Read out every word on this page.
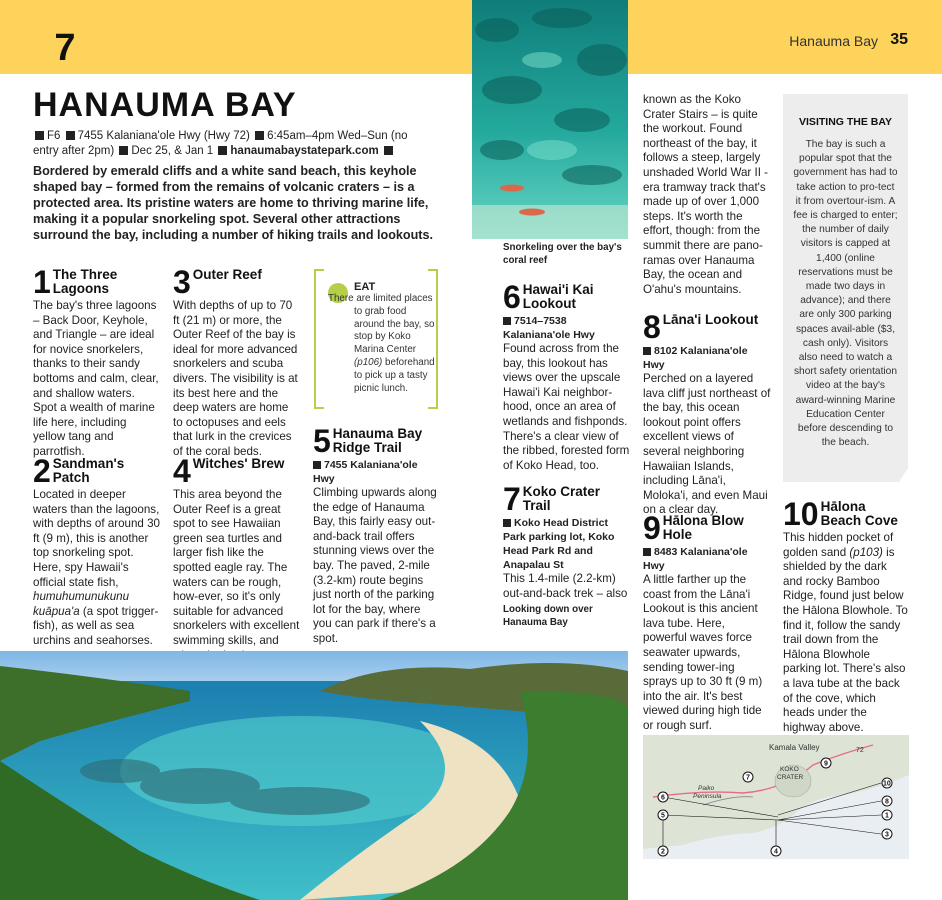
7	Hanauma Bay 35
HANAUMA BAY
F6 7455 Kalaniana'ole Hwy (Hwy 72) 6:45am–4pm Wed–Sun (no entry after 2pm) Dec 25, & Jan 1 hanaumabaystatepark.com

Bordered by emerald cliffs and a white sand beach, this keyhole shaped bay – formed from the remains of volcanic craters – is a protected area. Its pristine waters are home to thriving marine life, making it a popular snorkeling spot. Several other attractions surround the bay, including a number of hiking trails and lookouts.

1 The Three Lagoons

The bay's three lagoons – Back Door, Keyhole, and Triangle – are ideal for novice snorkelers, thanks to their sandy bottoms and calm, clear, and shallow waters. Spot a wealth of marine life here, including yellow tang and parrotfish.

2 Sandman's Patch

Located in deeper waters than the lagoons, with depths of around 30 ft (9 m), this is another top snorkeling spot. Here, spy Hawaii's official state fish, humuhumunukunu kuāpua'a (a spot trigger-fish), as well as sea urchins and seahorses.

3 Outer Reef

With depths of up to 70 ft (21 m) or more, the Outer Reef of the bay is ideal for more advanced snorkelers and scuba divers. The visibility is at its best here and the deep waters are home to octopuses and eels that lurk in the crevices of the coral beds.

4 Witches' Brew

This area beyond the Outer Reef is a great spot to see Hawaiian green sea turtles and larger fish like the spotted eagle ray. The waters can be rough, how-ever, so it's only suitable for advanced snorkelers with excellent swimming skills, and

EAT

There are limited places to grab food around the bay, so stop by Koko Marina Center (p106) beforehand to pick up a tasty picnic lunch.

5 Hanauma Bay Ridge Trail

7455 Kalaniana'ole Hwy

Climbing upwards along the edge of Hanauma Bay, this fairly easy out-and-back trail offers stunning views over the bay. The paved, 2-mile (3.2-km) route begins just north of the parking lot for the bay, where you can park if there's a spot.

Snorkeling over the bay's coral reef

6 Hawai'i Kai Lookout

7514–7538 Kalaniana'ole Hwy

Found across from the bay, this lookout has views over the upscale Hawai'i Kai neighbor-hood, once an area of wetlands and fishponds. There's a clear view of the ribbed, forested form of Koko Head, too.

7 Koko Crater Trail

Koko Head District Park parking lot, Koko Head Park Rd and Anapalau St

This 1.4-mile (2.2-km) out-and-back trek – also

Looking down over Hanauma Bay

known as the Koko Crater Stairs – is quite the workout. Found northeast of the bay, it follows a steep, largely unshaded World War II -era tramway track that's made up of over 1,000 steps. It's worth the effort, though: from the summit there are pano-ramas over Hanauma Bay, the ocean and O'ahu's mountains.

8 Lāna'i Lookout

8102 Kalaniana'ole Hwy

Perched on a layered lava cliff just northeast of the bay, this ocean lookout point offers excellent views of several neighboring Hawaiian Islands, including Lāna'i, Moloka'i, and even Maui on a clear day.

9 Hālona Blow Hole

8483 Kalaniana'ole Hwy

A little farther up the coast from the Lāna'i Lookout is this ancient lava tube. Here, powerful waves force seawater upwards, sending tower-ing sprays up to 30 ft (9 m) into the air. It's best viewed during high tide or rough surf.

VISITING THE BAY

The bay is such a popular spot that the government has had to take action to pro-tect it from overtour-ism. A fee is charged to enter; the number of daily visitors is capped at 1,400 (online reservations must be made two days in advance); and there are only 300 parking spaces avail-able ($3, cash only). Visitors also need to watch a short safety orientation video at the bay's award-winning Marine Education Center before descending to the beach.

10 Hālona Beach Cove

This hidden pocket of golden sand (p103) is shielded by the dark and rocky Bamboo Ridge, found just below the Hālona Blowhole. To find it, follow the sandy trail down from the Hālona Blowhole parking lot. There's also a lava tube at the back of the cove, which heads under the highway above.

Kamala Valley
KOKO
CRATER
Paiko
Peninsula
72
1
2
3
4
5
6
7
8
9
10
